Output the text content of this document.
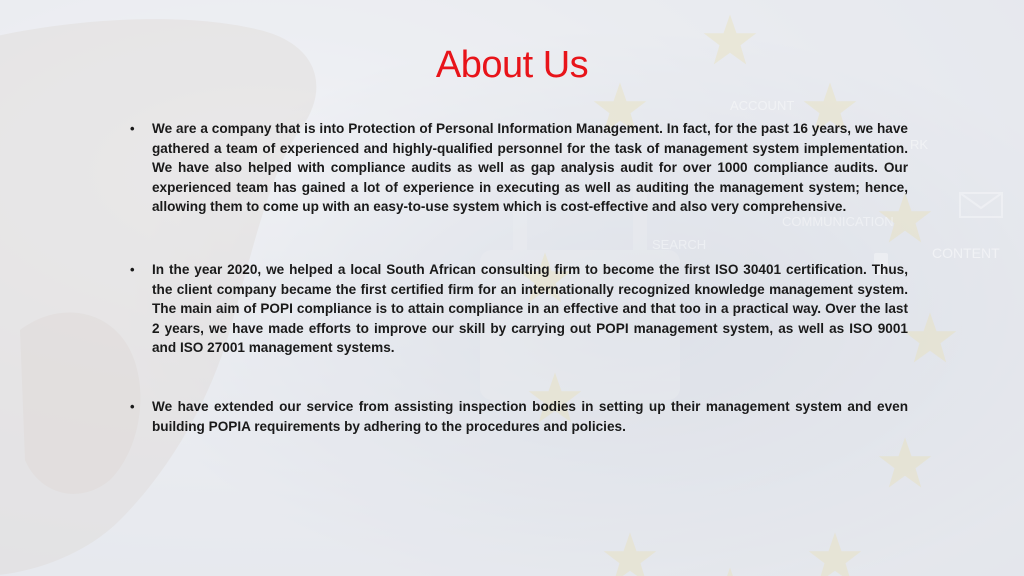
About Us
• We are a company that is into Protection of Personal Information Management. In fact, for the past 16 years, we have gathered a team of experienced and highly-qualified personnel for the task of management system implementation. We have also helped with compliance audits as well as gap analysis audit for over 1000 compliance audits. Our experienced team has gained a lot of experience in executing as well as auditing the management system; hence, allowing them to come up with an easy-to-use system which is cost-effective and also very comprehensive.
• In the year 2020, we helped a local South African consulting firm to become the first ISO 30401 certification. Thus, the client company became the first certified firm for an internationally recognized knowledge management system. The main aim of POPI compliance is to attain compliance in an effective and that too in a practical way. Over the last 2 years, we have made efforts to improve our skill by carrying out POPI management system, as well as ISO 9001 and ISO 27001 management systems.
• We have extended our service from assisting inspection bodies in setting up their management system and even building POPIA requirements by adhering to the procedures and policies.
